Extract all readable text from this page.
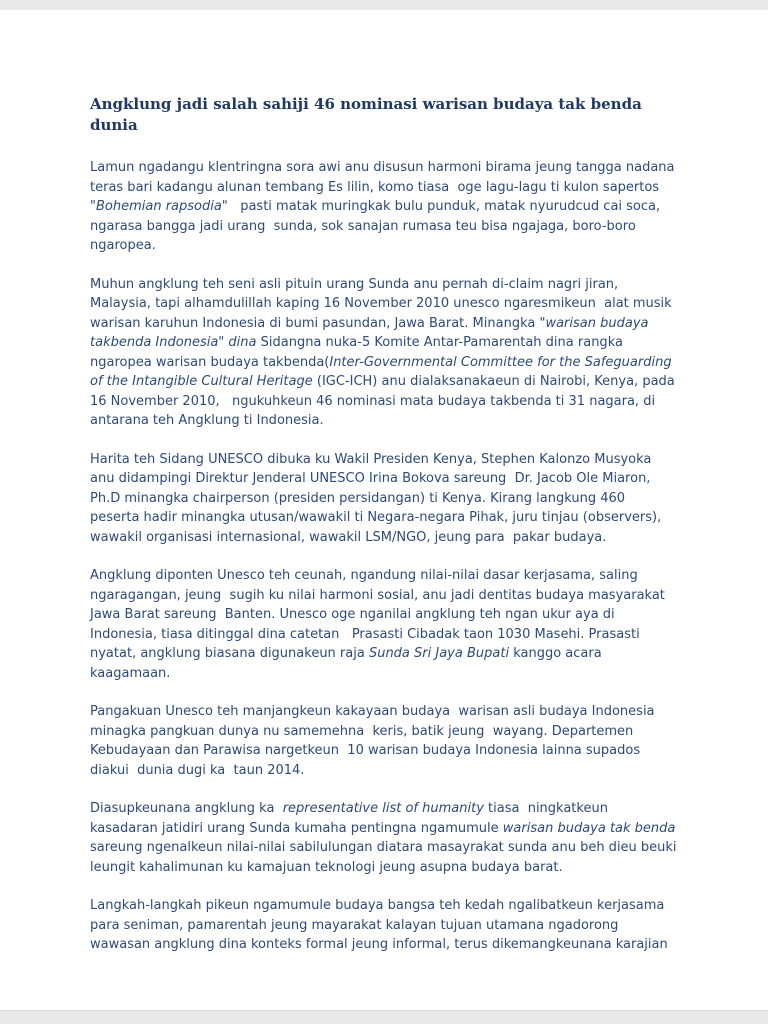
Angklung jadi salah sahiji 46 nominasi warisan budaya tak benda dunia

Lamun ngadangu klentringna sora awi anu disusun harmoni birama jeung tangga nadana teras bari kadangu alunan tembang Es lilin, komo tiasa  oge lagu-lagu ti kulon sapertos "Bohemian rapsodia"   pasti matak muringkak bulu punduk, matak nyurudcud cai soca, ngarasa bangga jadi urang  sunda, sok sanajan rumasa teu bisa ngajaga, boro-boro ngaropea.

Muhun angklung teh seni asli pituin urang Sunda anu pernah di-claim nagri jiran, Malaysia, tapi alhamdulillah kaping 16 November 2010 unesco ngaresmikeun  alat musik warisan karuhun Indonesia di bumi pasundan, Jawa Barat. Minangka "warisan budaya takbenda Indonesia" dina Sidangna nuka-5 Komite Antar-Pamarentah dina rangka ngaropea warisan budaya takbenda(Inter-Governmental Committee for the Safeguarding of the Intangible Cultural Heritage (IGC-ICH) anu dialaksanakaeun di Nairobi, Kenya, pada 16 November 2010,   ngukuhkeun 46 nominasi mata budaya takbenda ti 31 nagara, di antarana teh Angklung ti Indonesia.

Harita teh Sidang UNESCO dibuka ku Wakil Presiden Kenya, Stephen Kalonzo Musyoka anu didampingi Direktur Jenderal UNESCO Irina Bokova sareung  Dr. Jacob Ole Miaron, Ph.D minangka chairperson (presiden persidangan) ti Kenya. Kirang langkung 460 peserta hadir minangka utusan/wawakil ti Negara-negara Pihak, juru tinjau (observers), wawakil organisasi internasional, wawakil LSM/NGO, jeung para  pakar budaya.

Angklung diponten Unesco teh ceunah, ngandung nilai-nilai dasar kerjasama, saling ngaragangan, jeung  sugih ku nilai harmoni sosial, anu jadi dentitas budaya masyarakat Jawa Barat sareung  Banten. Unesco oge nganilai angklung teh ngan ukur aya di Indonesia, tiasa ditinggal dina catetan   Prasasti Cibadak taon 1030 Masehi. Prasasti nyatat, angklung biasana digunakeun raja Sunda Sri Jaya Bupati kanggo acara kaagamaan.

Pangakuan Unesco teh manjangkeun kakayaan budaya  warisan asli budaya Indonesia minagka pangkuan dunya nu samemehna  keris, batik jeung  wayang. Departemen Kebudayaan dan Parawisa nargetkeun  10 warisan budaya Indonesia lainna supados diakui  dunia dugi ka  taun 2014.

Diasupkeunana angklung ka  representative list of humanity tiasa  ningkatkeun kasadaran jatidiri urang Sunda kumaha pentingna ngamumule warisan budaya tak benda  sareung ngenalkeun nilai-nilai sabilulungan diatara masayrakat sunda anu beh dieu beuki leungit kahalimunan ku kamajuan teknologi jeung asupna budaya barat.

Langkah-langkah pikeun ngamumule budaya bangsa teh kedah ngalibatkeun kerjasama para seniman, pamarentah jeung mayarakat kalayan tujuan utamana ngadorong wawasan angklung dina konteks formal jeung informal, terus dikemangkeunana karajian
